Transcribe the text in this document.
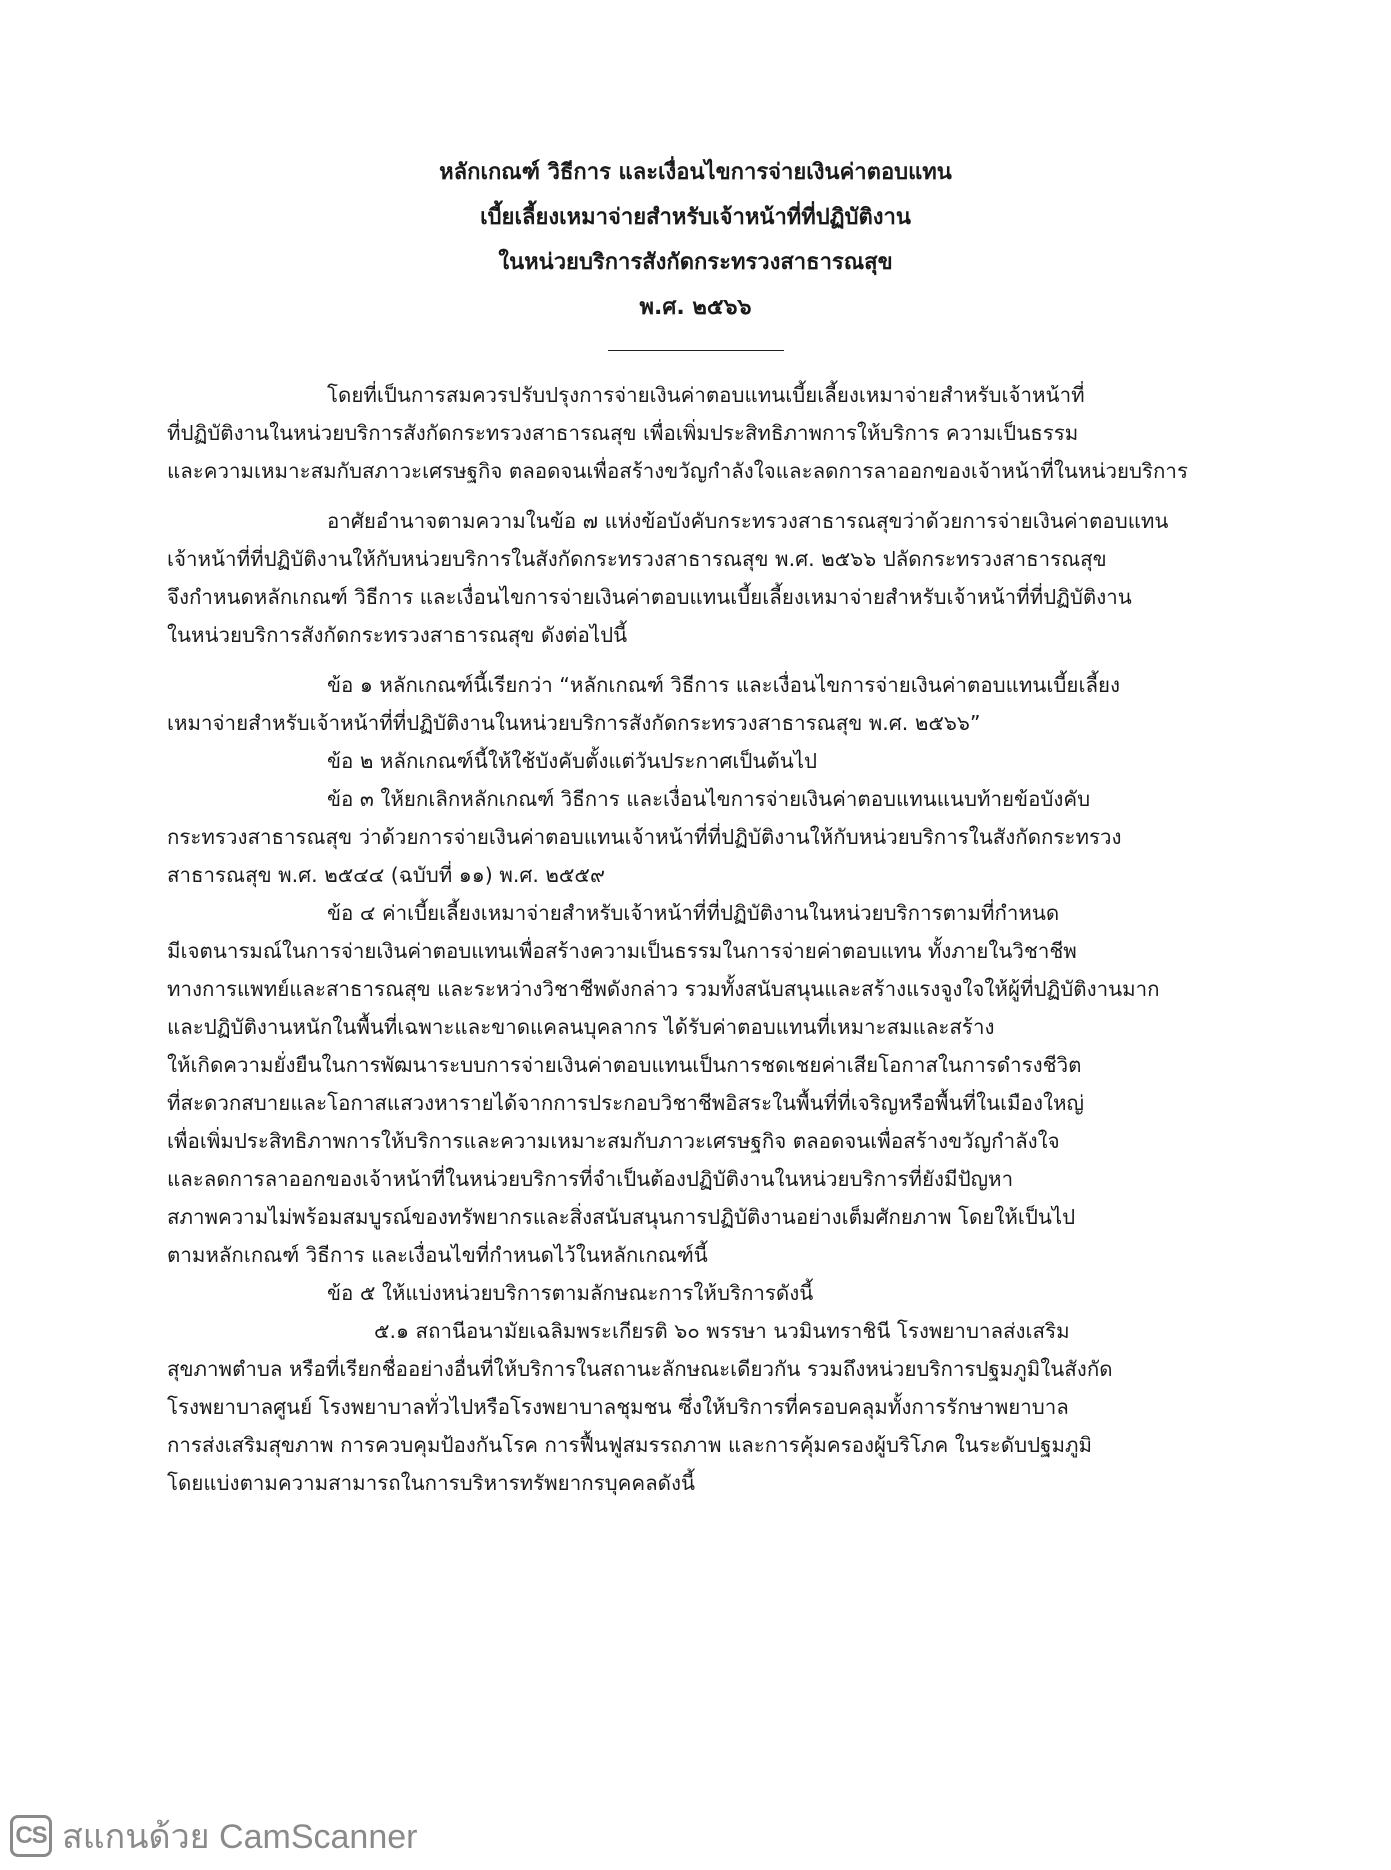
หลักเกณฑ์ วิธีการ และเงื่อนไขการจ่ายเงินค่าตอบแทน
เบี้ยเลี้ยงเหมาจ่ายสำหรับเจ้าหน้าที่ที่ปฏิบัติงาน
ในหน่วยบริการสังกัดกระทรวงสาธารณสุข
พ.ศ. ๒๕๖๖
โดยที่เป็นการสมควรปรับปรุงการจ่ายเงินค่าตอบแทนเบี้ยเลี้ยงเหมาจ่ายสำหรับเจ้าหน้าที่
ที่ปฏิบัติงานในหน่วยบริการสังกัดกระทรวงสาธารณสุข เพื่อเพิ่มประสิทธิภาพการให้บริการ ความเป็นธรรม
และความเหมาะสมกับสภาวะเศรษฐกิจ ตลอดจนเพื่อสร้างขวัญกำลังใจและลดการลาออกของเจ้าหน้าที่ในหน่วยบริการ
อาศัยอำนาจตามความในข้อ ๗ แห่งข้อบังคับกระทรวงสาธารณสุขว่าด้วยการจ่ายเงินค่าตอบแทน
เจ้าหน้าที่ที่ปฏิบัติงานให้กับหน่วยบริการในสังกัดกระทรวงสาธารณสุข พ.ศ. ๒๕๖๖ ปลัดกระทรวงสาธารณสุข
จึงกำหนดหลักเกณฑ์ วิธีการ และเงื่อนไขการจ่ายเงินค่าตอบแทนเบี้ยเลี้ยงเหมาจ่ายสำหรับเจ้าหน้าที่ที่ปฏิบัติงาน
ในหน่วยบริการสังกัดกระทรวงสาธารณสุข ดังต่อไปนี้
ข้อ ๑ หลักเกณฑ์นี้เรียกว่า “หลักเกณฑ์ วิธีการ และเงื่อนไขการจ่ายเงินค่าตอบแทนเบี้ยเลี้ยง
เหมาจ่ายสำหรับเจ้าหน้าที่ที่ปฏิบัติงานในหน่วยบริการสังกัดกระทรวงสาธารณสุข พ.ศ. ๒๕๖๖”
ข้อ ๒ หลักเกณฑ์นี้ให้ใช้บังคับตั้งแต่วันประกาศเป็นต้นไป
ข้อ ๓ ให้ยกเลิกหลักเกณฑ์ วิธีการ และเงื่อนไขการจ่ายเงินค่าตอบแทนแนบท้ายข้อบังคับ
กระทรวงสาธารณสุข ว่าด้วยการจ่ายเงินค่าตอบแทนเจ้าหน้าที่ที่ปฏิบัติงานให้กับหน่วยบริการในสังกัดกระทรวง
สาธารณสุข พ.ศ. ๒๕๔๔ (ฉบับที่ ๑๑) พ.ศ. ๒๕๕๙
ข้อ ๔ ค่าเบี้ยเลี้ยงเหมาจ่ายสำหรับเจ้าหน้าที่ที่ปฏิบัติงานในหน่วยบริการตามที่กำหนด
มีเจตนารมณ์ในการจ่ายเงินค่าตอบแทนเพื่อสร้างความเป็นธรรมในการจ่ายค่าตอบแทน ทั้งภายในวิชาชีพ
ทางการแพทย์และสาธารณสุข และระหว่างวิชาชีพดังกล่าว รวมทั้งสนับสนุนและสร้างแรงจูงใจให้ผู้ที่ปฏิบัติงานมาก
และปฏิบัติงานหนักในพื้นที่เฉพาะและขาดแคลนบุคลากร ได้รับค่าตอบแทนที่เหมาะสมและสร้าง
ให้เกิดความยั่งยืนในการพัฒนาระบบการจ่ายเงินค่าตอบแทนเป็นการชดเชยค่าเสียโอกาสในการดำรงชีวิต
ที่สะดวกสบายและโอกาสแสวงหารายได้จากการประกอบวิชาชีพอิสระในพื้นที่ที่เจริญหรือพื้นที่ในเมืองใหญ่
เพื่อเพิ่มประสิทธิภาพการให้บริการและความเหมาะสมกับภาวะเศรษฐกิจ ตลอดจนเพื่อสร้างขวัญกำลังใจ
และลดการลาออกของเจ้าหน้าที่ในหน่วยบริการที่จำเป็นต้องปฏิบัติงานในหน่วยบริการที่ยังมีปัญหา
สภาพความไม่พร้อมสมบูรณ์ของทรัพยากรและสิ่งสนับสนุนการปฏิบัติงานอย่างเต็มศักยภาพ โดยให้เป็นไป
ตามหลักเกณฑ์ วิธีการ และเงื่อนไขที่กำหนดไว้ในหลักเกณฑ์นี้
ข้อ ๕ ให้แบ่งหน่วยบริการตามลักษณะการให้บริการดังนี้
๕.๑ สถานีอนามัยเฉลิมพระเกียรติ ๖๐ พรรษา นวมินทราชินี โรงพยาบาลส่งเสริม
สุขภาพตำบล หรือที่เรียกชื่ออย่างอื่นที่ให้บริการในสถานะลักษณะเดียวกัน รวมถึงหน่วยบริการปฐมภูมิในสังกัด
โรงพยาบาลศูนย์ โรงพยาบาลทั่วไปหรือโรงพยาบาลชุมชน ซึ่งให้บริการที่ครอบคลุมทั้งการรักษาพยาบาล
การส่งเสริมสุขภาพ การควบคุมป้องกันโรค การฟื้นฟูสมรรถภาพ และการคุ้มครองผู้บริโภค ในระดับปฐมภูมิ
โดยแบ่งตามความสามารถในการบริหารทรัพยากรบุคคลดังนี้
CS สแกนด้วย CamScanner
